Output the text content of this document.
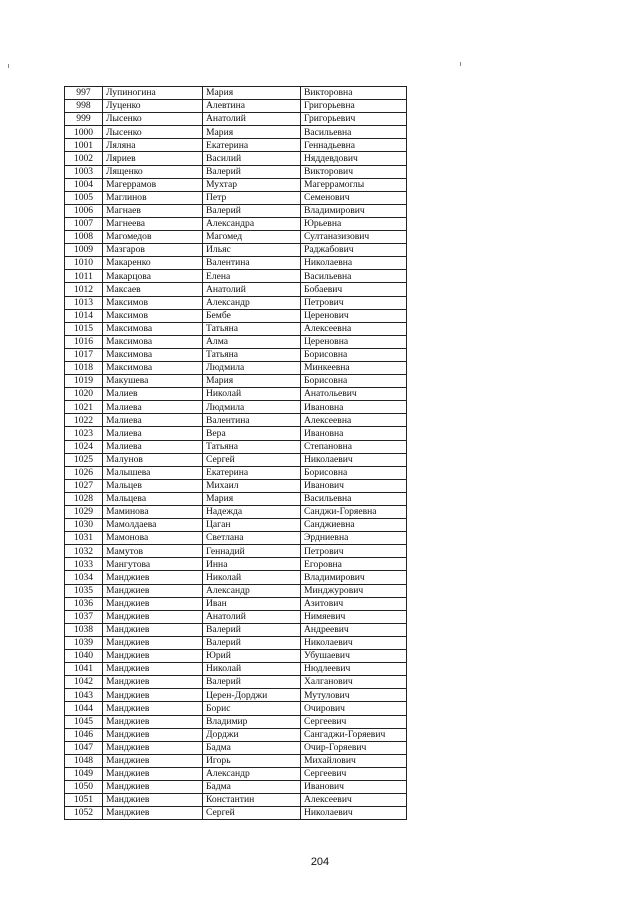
997	Лупиногина	Мария	Викторовна
998	Луценко	Алевтина	Григорьевна
999	Лысенко	Анатолий	Григорьевич
1000	Лысенко	Мария	Васильевна
1001	Ляляна	Екатерина	Геннадьевна
1002	Ляриев	Василий	Няддевдович
1003	Лященко	Валерий	Викторович
1004	Магеррамов	Мухтар	Магеррамоглы
1005	Маглинов	Петр	Семенович
1006	Магнаев	Валерий	Владимирович
1007	Магнеева	Александра	Юрьевна
1008	Магомедов	Магомед	Султаназизович
1009	Мазгаров	Ильяс	Раджабович
1010	Макаренко	Валентина	Николаевна
1011	Макарцова	Елена	Васильевна
1012	Максаев	Анатолий	Бобаевич
1013	Максимов	Александр	Петрович
1014	Максимов	Бембе	Церенович
1015	Максимова	Татьяна	Алексеевна
1016	Максимова	Алма	Цереновна
1017	Максимова	Татьяна	Борисовна
1018	Максимова	Людмила	Минкеевна
1019	Макушева	Мария	Борисовна
1020	Малиев	Николай	Анатольевич
1021	Малиева	Людмила	Ивановна
1022	Малиева	Валентина	Алексеевна
1023	Малиева	Вера	Ивановна
1024	Малиева	Татьяна	Степановна
1025	Малунов	Сергей	Николаевич
1026	Малышева	Екатерина	Борисовна
1027	Мальцев	Михаил	Иванович
1028	Мальцева	Мария	Васильевна
1029	Маминова	Надежда	Санджи-Горяевна
1030	Мамолдаева	Цаган	Санджиевна
1031	Мамонова	Светлана	Эрдниевна
1032	Мамутов	Геннадий	Петрович
1033	Мангутова	Инна	Егоровна
1034	Манджиев	Николай	Владимирович
1035	Манджиев	Александр	Минджурович
1036	Манджиев	Иван	Азитович
1037	Манджиев	Анатолий	Нимяевич
1038	Манджиев	Валерий	Андреевич
1039	Манджиев	Валерий	Николаевич
1040	Манджиев	Юрий	Убушаевич
1041	Манджиев	Николай	Нюдлеевич
1042	Манджиев	Валерий	Халганович
1043	Манджиев	Церен-Дорджи	Мутулович
1044	Манджиев	Борис	Очирович
1045	Манджиев	Владимир	Сергеевич
1046	Манджиев	Дорджи	Сангаджи-Горяевич
1047	Манджиев	Бадма	Очир-Горяевич
1048	Манджиев	Игорь	Михайлович
1049	Манджиев	Александр	Сергеевич
1050	Манджиев	Бадма	Иванович
1051	Манджиев	Константин	Алексеевич
1052	Манджиев	Сергей	Николаевич
204
